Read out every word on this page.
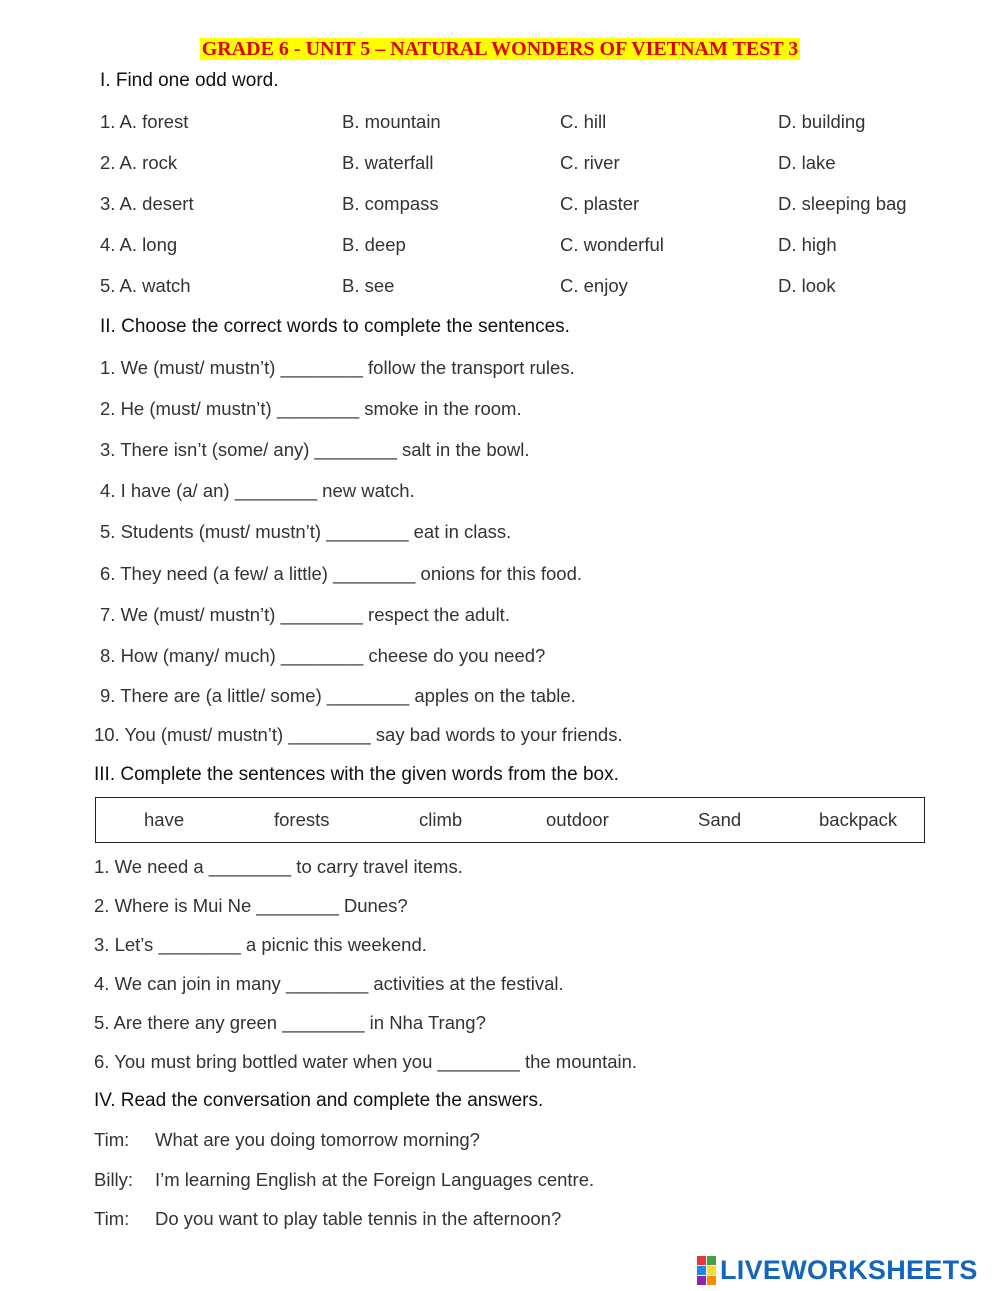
GRADE 6 - UNIT 5 – NATURAL WONDERS OF VIETNAM TEST 3
I. Find one odd word.
1. A. forest	B. mountain	C. hill	D. building
2. A. rock	B. waterfall	C. river	D. lake
3. A. desert	B. compass	C. plaster	D. sleeping bag
4. A. long	B. deep	C. wonderful	D. high
5. A. watch	B. see	C. enjoy	D. look
II. Choose the correct words to complete the sentences.
1. We (must/ mustn’t) ________ follow the transport rules.
2. He (must/ mustn’t) ________ smoke in the room.
3. There isn’t (some/ any) ________ salt in the bowl.
4. I have (a/ an) ________ new watch.
5. Students (must/ mustn’t) ________ eat in class.
6. They need (a few/ a little) ________ onions for this food.
7. We (must/ mustn’t) ________ respect the adult.
8. How (many/ much) ________ cheese do you need?
9. There are (a little/ some) ________ apples on the table.
10. You (must/ mustn’t) ________ say bad words to your friends.
III. Complete the sentences with the given words from the box.
have	forests	climb	outdoor	Sand	backpack
1. We need a ________ to carry travel items.
2. Where is Mui Ne ________ Dunes?
3. Let’s ________ a picnic this weekend.
4. We can join in many ________ activities at the festival.
5. Are there any green ________ in Nha Trang?
6. You must bring bottled water when you ________ the mountain.
IV. Read the conversation and complete the answers.
Tim: What are you doing tomorrow morning?
Billy: I’m learning English at the Foreign Languages centre.
Tim: Do you want to play table tennis in the afternoon?
LIVEWORKSHEETS
